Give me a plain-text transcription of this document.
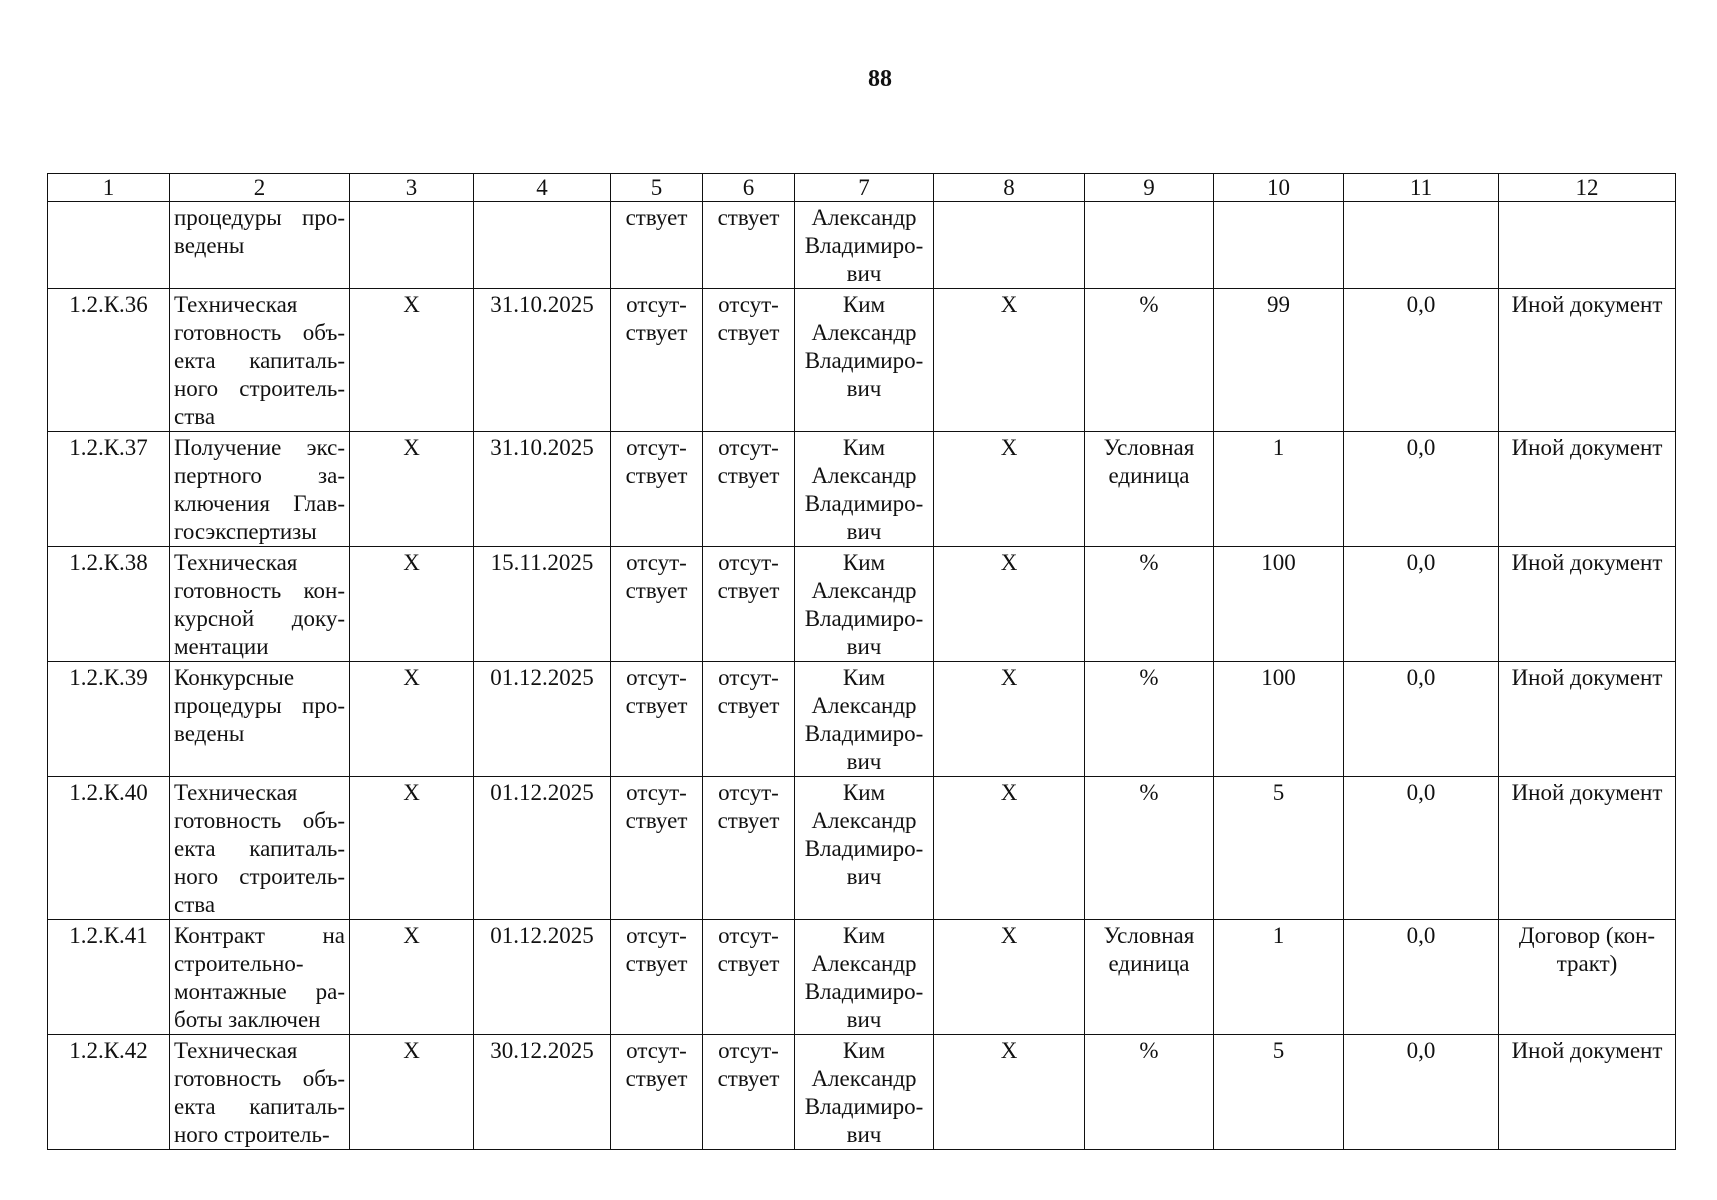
88
1	2	3	4	5	6	7	8	9	10	11	12

	процедуры про-
ведены			ствует	ствует	Александр
Владимиро-
вич					

1.2.К.36	Техническая
готовность объ-
екта капиталь-
ного строитель-
ства	Х	31.10.2025	отсут-
ствует	отсут-
ствует	Ким
Александр
Владимиро-
вич	Х	%	99	0,0	Иной документ

1.2.К.37	Получение экс-
пертного за-
ключения Глав-
госэкспертизы	Х	31.10.2025	отсут-
ствует	отсут-
ствует	Ким
Александр
Владимиро-
вич	Х	Условная
единица	1	0,0	Иной документ

1.2.К.38	Техническая
готовность кон-
курсной доку-
ментации	Х	15.11.2025	отсут-
ствует	отсут-
ствует	Ким
Александр
Владимиро-
вич	Х	%	100	0,0	Иной документ

1.2.К.39	Конкурсные
процедуры про-
ведены	Х	01.12.2025	отсут-
ствует	отсут-
ствует	Ким
Александр
Владимиро-
вич	Х	%	100	0,0	Иной документ

1.2.К.40	Техническая
готовность объ-
екта капиталь-
ного строитель-
ства	Х	01.12.2025	отсут-
ствует	отсут-
ствует	Ким
Александр
Владимиро-
вич	Х	%	5	0,0	Иной документ

1.2.К.41	Контракт на
строительно-
монтажные ра-
боты заключен	Х	01.12.2025	отсут-
ствует	отсут-
ствует	Ким
Александр
Владимиро-
вич	Х	Условная
единица	1	0,0	Договор (кон-
тракт)

1.2.К.42	Техническая
готовность объ-
екта капиталь-
ного строитель-	Х	30.12.2025	отсут-
ствует	отсут-
ствует	Ким
Александр
Владимиро-
вич	Х	%	5	0,0	Иной документ
